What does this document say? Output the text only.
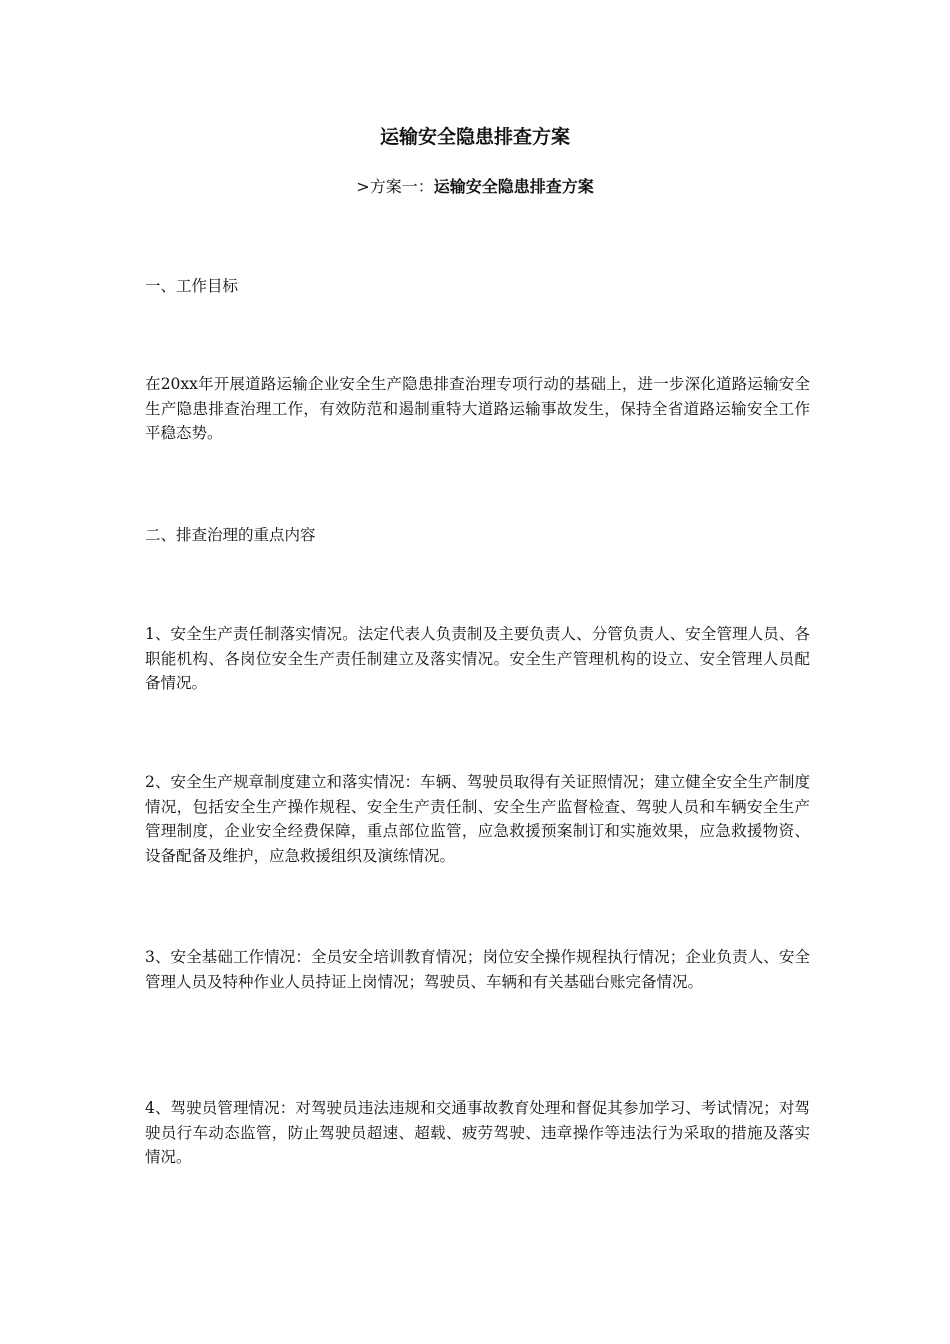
运输安全隐患排查方案

>方案一：运输安全隐患排查方案

一、工作目标

在20xx年开展道路运输企业安全生产隐患排查治理专项行动的基础上，进一步深化道路运输安全生产隐患排查治理工作，有效防范和遏制重特大道路运输事故发生，保持全省道路运输安全工作平稳态势。

二、排查治理的重点内容

1、安全生产责任制落实情况。法定代表人负责制及主要负责人、分管负责人、安全管理人员、各职能机构、各岗位安全生产责任制建立及落实情况。安全生产管理机构的设立、安全管理人员配备情况。

2、安全生产规章制度建立和落实情况：车辆、驾驶员取得有关证照情况；建立健全安全生产制度情况，包括安全生产操作规程、安全生产责任制、安全生产监督检查、驾驶人员和车辆安全生产管理制度，企业安全经费保障，重点部位监管，应急救援预案制订和实施效果，应急救援物资、设备配备及维护，应急救援组织及演练情况。

3、安全基础工作情况：全员安全培训教育情况；岗位安全操作规程执行情况；企业负责人、安全管理人员及特种作业人员持证上岗情况；驾驶员、车辆和有关基础台账完备情况。

4、驾驶员管理情况：对驾驶员违法违规和交通事故教育处理和督促其参加学习、考试情况；对驾驶员行车动态监管，防止驾驶员超速、超载、疲劳驾驶、违章操作等违法行为采取的措施及落实情况。
